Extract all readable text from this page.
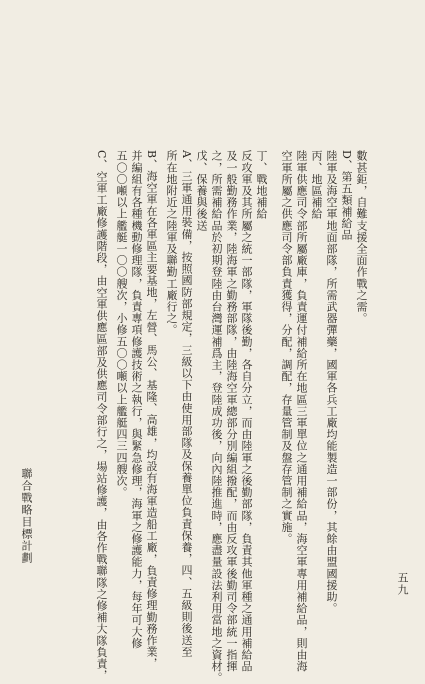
聯合戰略目標計劃
數甚鉅，自難支援全面作戰之需。
D、第五類補給品
陸軍及海空軍地面部隊，所需武器彈藥，國軍各兵工廠均能製造一部份，其餘由盟國援助。
丙、地區補給
陸軍供應司令部所屬廠庫，負責運付補給所在地區三軍單位之通用補給品，海空軍專用補給品，則由海
空軍所屬之供應司令部負責獲得，分配，調配，存量管制及盤存管制之實施。
丁、戰地補給
反攻軍及其所屬之統一部隊，軍隊後勤，各自分立，而由陸軍之後勤部隊，負責其他軍種之通用補給品
及一般勤務作業，陸海軍之勤務部隊，由陸海空軍總部分別編組撥配，而由反攻軍後勤司令部統一指揮
之，所需補給品於初期登陸由台灣運補爲主，登陸成功後，向內陸推進時，應盡量設法利用當地之資材。
戊、保養與後送
A、三軍通用裝備，按照國防部規定，三級以下由使用部隊及保養單位負責保養，四、五級則後送至
所在地附近之陸軍及聯勤工廠行之。
B、海空軍在各軍區主要基地，左營、馬公、基隆、高雄，均設有海軍造船工廠，負責修理勤務作業，
并編組有各種機動修理隊，負責專項修護技術之執行，與緊急修理，海軍之修護能力，每年可大修
五〇〇噸以上艦艇一〇〇艘次，小修五〇〇噸以上艦艇四三四艘次。
C、空軍工廠修護階段，由空軍供應區部及供應司令部行之，場站修護，由各作戰聯隊之修補大隊負責，	五九
